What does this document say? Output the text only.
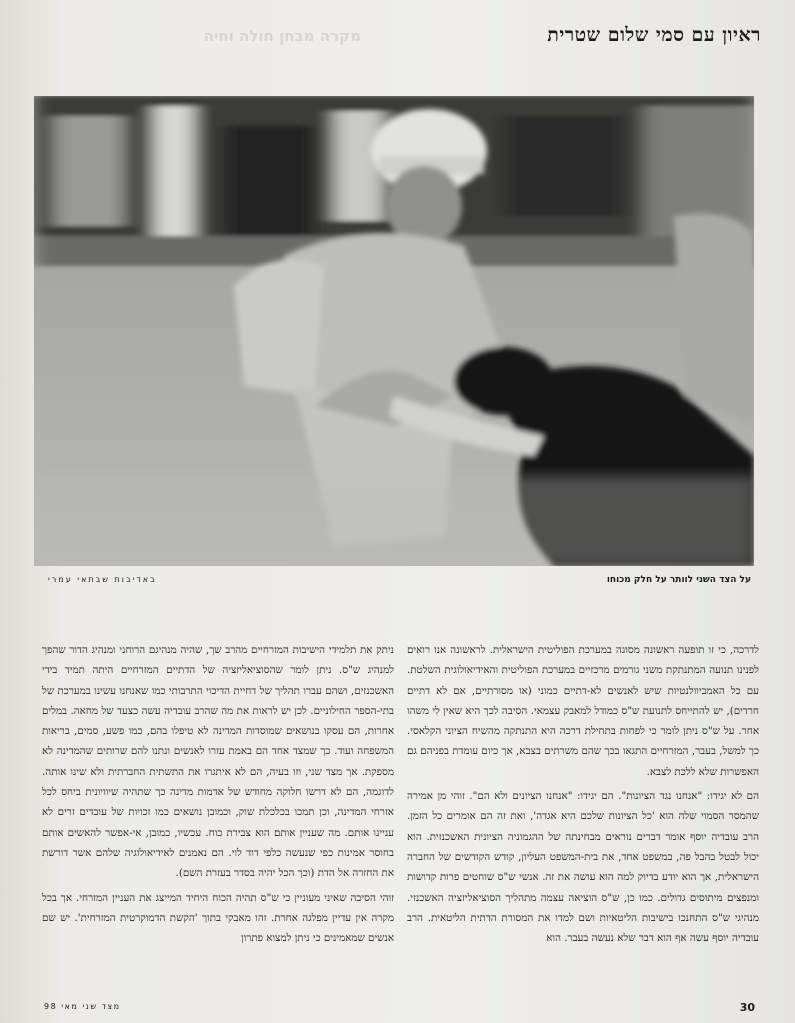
מקרה מבחן חולה וחיה	ראיון עם סמי שלום שטרית
על הצד השני לוותר על חלק מכוחו
באדיבות שבתאי עמרי

לדרכה, כי זו תופעה ראשונה מסוגה במערכת הפוליטית הישראלית. לראשונה אנו רואים לפנינו תנועה המתנתקת משני גורמים מרכזיים במערכת הפוליטית והאידיאולוגית השלטת. עם כל האמביוולנטיות שיש לאנשים לא-דתיים כמוני (או מסורתיים, אם לא דתיים חרדים), יש להתייחס לתנועת ש"ס כמודל למאבק עצמאי. הסיבה לכך היא שאין לי משהו אחר. על ש"ס ניתן לומר כי לפחות בתחילת דרכה היא התנתקה מהשיח הציוני הקלאסי. כך למשל, בעבר, המזרחיים התגאו בכך שהם משרתים בצבא, אך כיום עומדת בפניהם גם האפשרות שלא ללכת לצבא.

הם לא יגידו: "אנחנו נגד הציונות". הם יגידו: "אנחנו הציונים ולא הם". זוהי מן אמירה שהמסר הסמוי שלה הוא 'כל הציונות שלכם היא אגדה', ואת זה הם אומרים כל הזמן. הרב עובדיה יוסף אומר דברים נוראים מבחינתה של ההגמוניה הציונית האשכנזית. הוא יכול לבטל בהבל פה, במשפט אחד, את בית-המשפט העליון, קודש הקודשים של החברה הישראלית, אך הוא יודע בדיוק למה הוא עושה את זה. אנשי ש"ס שוחטים פרות קדושות ומנפצים מיתוסים גדולים. כמו כן, ש"ס הוציאה עצמה מתהליך הסוציאליזציה האשכנזי. מנהיגי ש"ס התחנכו בישיבות הליטאיות ושם למדו את המסורת הדתית הליטאית. הרב עובדיה יוסף עשה אף הוא דבר שלא נעשה בעבר. הוא

ניתק את תלמידי הישיבות המזרחיים מהרב שך, שהיה מנהיגם הרוחני ומנהיג הדור שהפך למנהיג ש"ס. ניתן לומר שהסוציאליזציה של הדתיים המזרחיים היתה תמיד בידי האשכנזים, ושהם עברו תהליך של דחיית הדיכוי התרבותי כמו שאנחנו עשינו במערכת של בתי-הספר החילוניים. לכן יש לראות את מה שהרב עובדיה עשה כצעד של מחאה. במלים אחרות, הם עסקו בנושאים שמוסדות המדינה לא טיפלו בהם, כמו פשע, סמים, בריאות המשפחה ועוד. כך שמצד אחד הם באמת עזרו לאנשים ונתנו להם שרותים שהמדינה לא מספקת. אך מצד שני, וזו בעיה, הם לא איתגרו את התשתית החברתית ולא שינו אותה. לדוגמה, הם לא דרשו חלוקה מחודש של אדמות מדינה כך שתהיה שיוויונית ביחס לכל אזרחי המדינה, וכן תמכו בכלכלת שוק, וכמובן נושאים כמו זכויות של עובדים זרים לא עניינו אותם. מה שעניין אותם הוא צבירת כוח. עכשיו, כמובן, אי-אפשר להאשים אותם בחוסר אמינות כפי שנעשה כלפי דוד לוי. הם נאמנים לאידיאולוגיה שלהם אשר דורשת את החזרה אל הדת (וכך הכל יהיה בסדר בעזרת השם).

זוהי הסיבה שאיני מעוניין כי ש"ס תהיה הכוח היחיד המייצג את העניין המזרחי. אך בכל מקרה אין עדיין מפלגה אחרת. זהו מאבקי בתוך 'הקשת הדמוקרטית המזרחית'. יש שם אנשים שמאמינים כי ניתן למצוא פתרון

30
מצד שני מאי 98
